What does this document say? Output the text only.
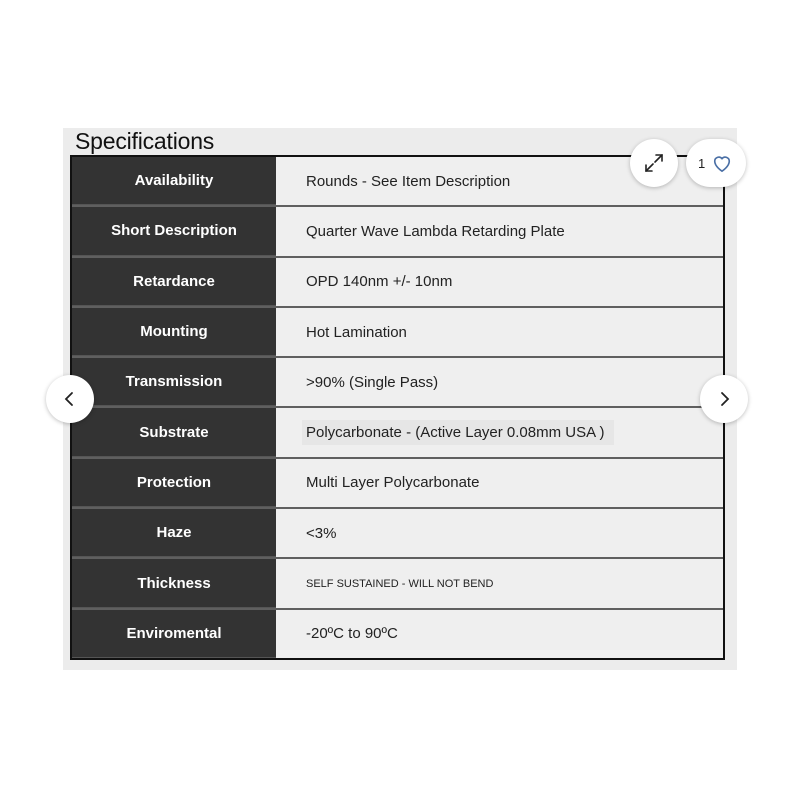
Specifications
Availability	Rounds - See Item Description
Short Description	Quarter Wave Lambda Retarding Plate
Retardance	OPD 140nm +/- 10nm
Mounting	Hot Lamination
Transmission	>90% (Single Pass)
Substrate	Polycarbonate - (Active Layer 0.08mm USA )
Protection	Multi Layer Polycarbonate
Haze	<3%
Thickness	SELF SUSTAINED - WILL NOT BEND
Enviromental	-20ºC to 90ºC
1
